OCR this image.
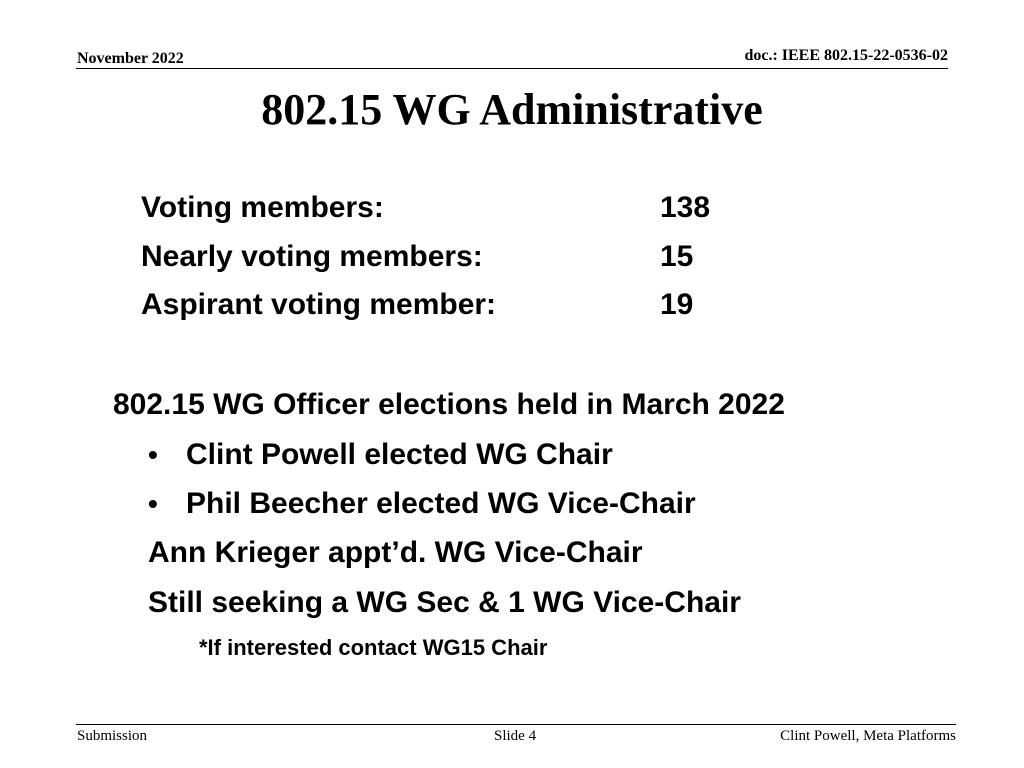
November 2022	doc.: IEEE 802.15-22-0536-02
802.15 WG Administrative
Voting members:	138
Nearly voting members:	15
Aspirant voting member:	19
802.15 WG Officer elections held in March 2022
• Clint Powell elected WG Chair
• Phil Beecher elected WG Vice-Chair
Ann Krieger appt’d. WG Vice-Chair
Still seeking a WG Sec & 1 WG Vice-Chair
*If interested contact WG15 Chair
Submission	Slide 4	Clint Powell, Meta Platforms
